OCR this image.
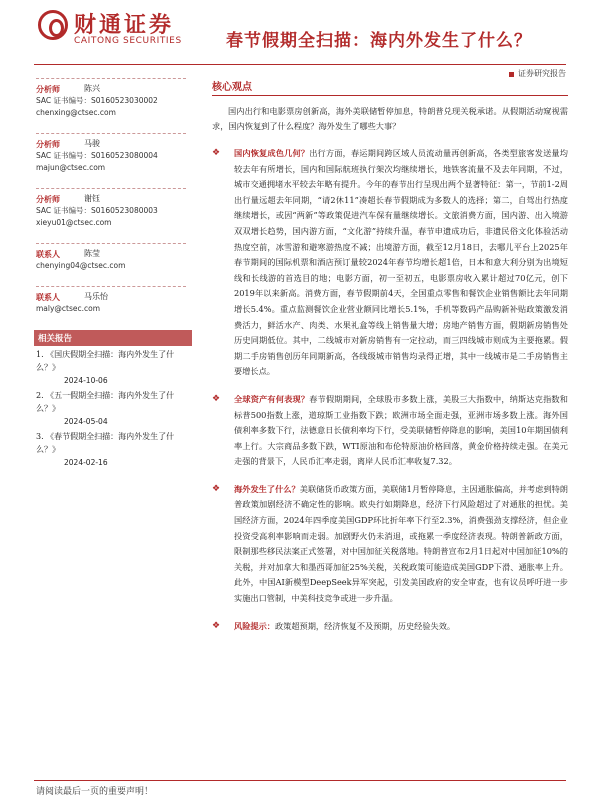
财通证券
CAITONG SECURITIES	春节假期全扫描：海内外发生了什么？
证券研究报告
分析师	陈兴
SAC 证书编号：S0160523030002
chenxing@ctsec.com
分析师	马骏
SAC 证书编号：S0160523080004
majun@ctsec.com
分析师	谢钰
SAC 证书编号：S0160523080003
xieyu01@ctsec.com
联系人	陈莹
chenying04@ctsec.com
联系人	马乐怡
maly@ctsec.com
相关报告
1. 《国庆假期全扫描：海内外发生了什么？》
2024-10-06
2. 《五一假期全扫描：海内外发生了什么？》
2024-05-04
3. 《春节假期全扫描：海内外发生了什么？》
2024-02-16
核心观点

国内出行和电影票房创新高，海外美联储暂停加息，特朗普兑现关税承诺。从假期活动窥视需求，国内恢复到了什么程度？海外发生了哪些大事？

❖ 国内恢复成色几何？出行方面，春运期间跨区域人员流动量再创新高，各类型旅客发送量均较去年有所增长，国内和国际航班执行架次均继续增长，地铁客流量不及去年同期，不过，城市交通拥堵水平较去年略有提升。今年的春节出行呈现出两个显著特征：第一，节前1-2周出行量远超去年同期，“请2休11”凑超长春节假期成为多数人的选择；第二，自驾出行热度继续增长，或因“两新”等政策促进汽车保有量继续增长。文旅消费方面，国内游、出入境游双双增长趋势，国内游方面，“文化游”持续升温，春节申遗成功后，非遗民俗文化体验活动热度空前，冰雪游和避寒游热度不减；出境游方面，截至12月18日，去哪儿平台上2025年春节期间的国际机票和酒店预订量较2024年春节均增长超1倍，日本和意大利分别为出境短线和长线游的首选目的地；电影方面，初一至初五，电影票房收入累计超过70亿元，创下2019年以来新高。消费方面，春节假期前4天，全国重点零售和餐饮企业销售额比去年同期增长5.4%。重点监测餐饮企业营业额同比增长5.1%，手机等数码产品购新补贴政策激发消费活力，鲜活水产、肉类、水果礼盒等线上销售量大增；房地产销售方面，假期新房销售处历史同期低位。其中，二线城市对新房销售有一定拉动，而三四线城市则成为主要拖累。假期二手房销售创历年同期新高，各线级城市销售均录得正增，其中一线城市是二手房销售主要增长点。
❖ 全球资产有何表现？春节假期期间，全球股市多数上涨，美股三大指数中，纳斯达克指数和标普500指数上涨，道琼斯工业指数下跌；欧洲市场全面走强，亚洲市场多数上涨。海外国债利率多数下行，法德意日长债利率均下行，受美联储暂停降息的影响，美国10年期国债利率上行。大宗商品多数下跌，WTI原油和布伦特原油价格回落，黄金价格持续走强。在美元走强的背景下，人民币汇率走弱，离岸人民币汇率收复7.32。
❖ 海外发生了什么？美联储货币政策方面，美联储1月暂停降息，主因通胀偏高，并考虑到特朗普政策加剧经济不确定性的影响。欧央行如期降息，经济下行风险超过了对通胀的担忧。美国经济方面，2024年四季度美国GDP环比折年率下行至2.3%，消费强劲支撑经济，但企业投资受高利率影响而走弱。加剧野火仍未消退，或拖累一季度经济表现。特朗普新政方面，限制那些移民法案正式签署，对中国加征关税落地。特朗普宣布2月1日起对中国加征10%的关税，并对加拿大和墨西哥加征25%关税，关税政策可能造成美国GDP下滑、通胀率上升。此外，中国AI新模型DeepSeek异军突起，引发美国政府的安全审查，也有议员呼吁进一步实施出口管制，中美科技竞争或进一步升温。
❖ 风险提示：政策超预期，经济恢复不及预期，历史经验失效。
请阅读最后一页的重要声明！
